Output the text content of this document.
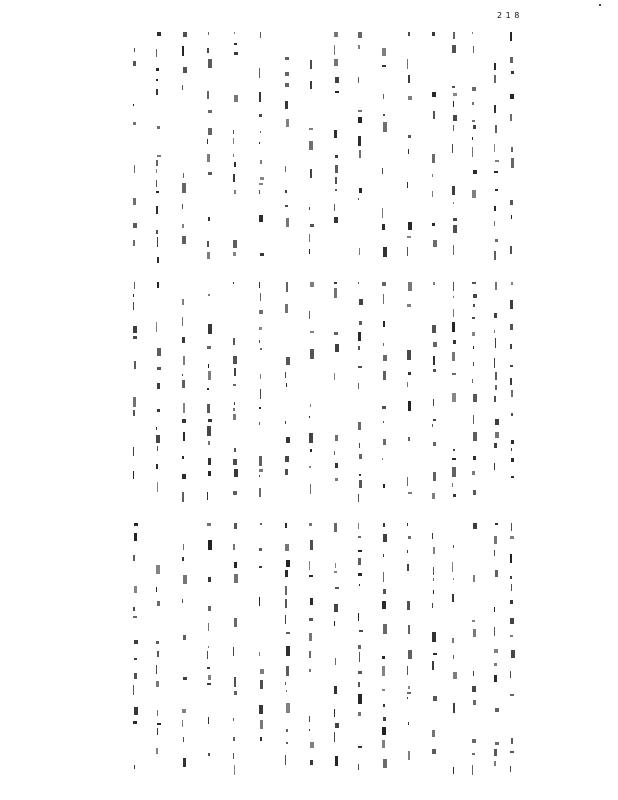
2 1 8
